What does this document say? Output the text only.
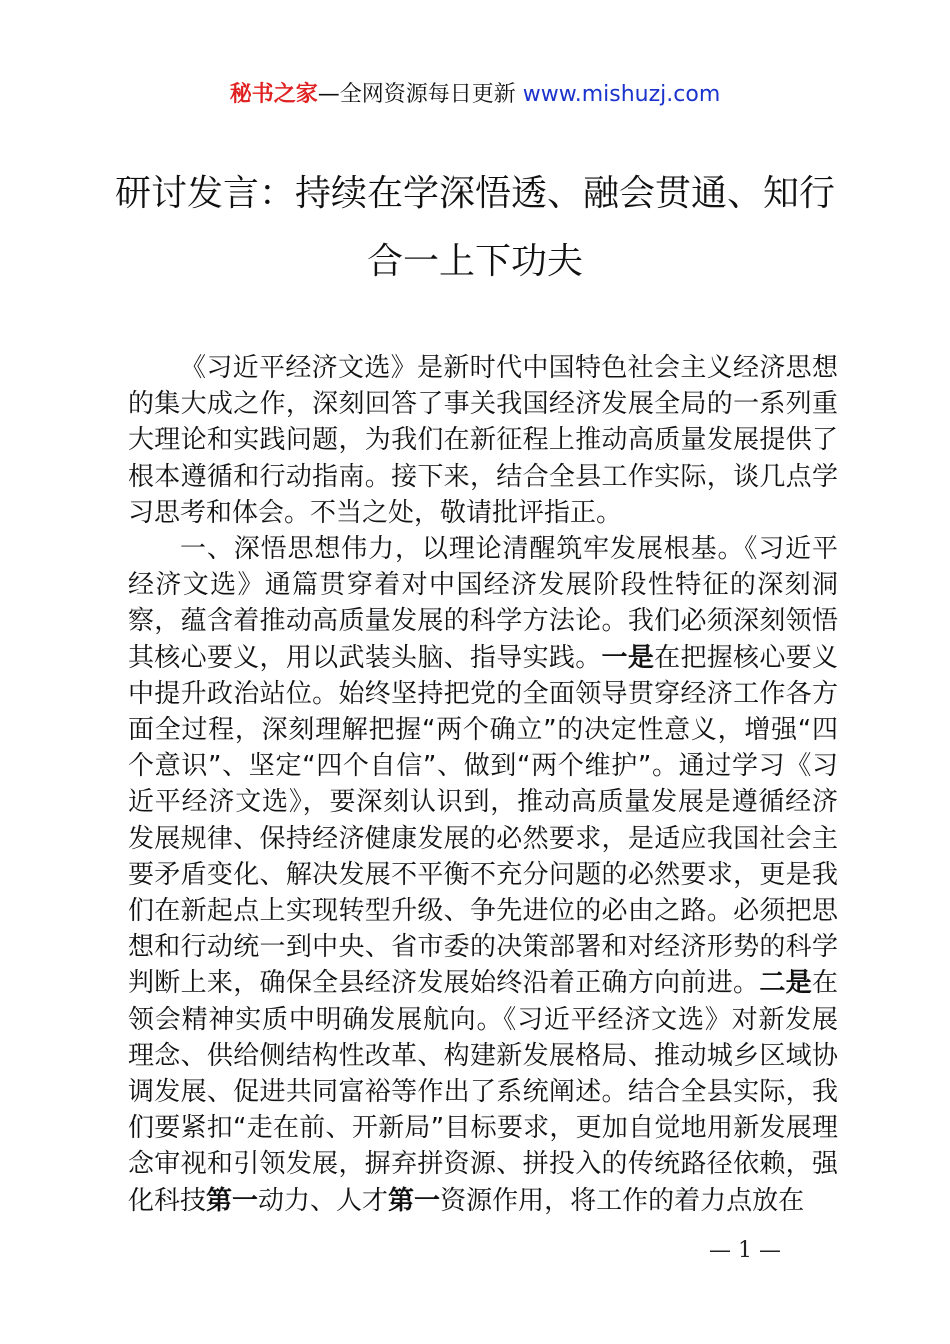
秘书之家—全网资源每日更新 www.mishuzj.com
研讨发言：持续在学深悟透、融会贯通、知行
合一上下功夫

《习近平经济文选》是新时代中国特色社会主义经济思想的集大成之作，深刻回答了事关我国经济发展全局的一系列重大理论和实践问题，为我们在新征程上推动高质量发展提供了根本遵循和行动指南。接下来，结合全县工作实际，谈几点学习思考和体会。不当之处，敬请批评指正。

一、深悟思想伟力，以理论清醒筑牢发展根基。《习近平经济文选》通篇贯穿着对中国经济发展阶段性特征的深刻洞察，蕴含着推动高质量发展的科学方法论。我们必须深刻领悟其核心要义，用以武装头脑、指导实践。一是在把握核心要义中提升政治站位。始终坚持把党的全面领导贯穿经济工作各方面全过程，深刻理解把握“两个确立”的决定性意义，增强“四个意识”、坚定“四个自信”、做到“两个维护”。通过学习《习近平经济文选》，要深刻认识到，推动高质量发展是遵循经济发展规律、保持经济健康发展的必然要求，是适应我国社会主要矛盾变化、解决发展不平衡不充分问题的必然要求，更是我们在新起点上实现转型升级、争先进位的必由之路。必须把思想和行动统一到中央、省市委的决策部署和对经济形势的科学判断上来，确保全县经济发展始终沿着正确方向前进。二是在领会精神实质中明确发展航向。《习近平经济文选》对新发展理念、供给侧结构性改革、构建新发展格局、推动城乡区域协调发展、促进共同富裕等作出了系统阐述。结合全县实际，我们要紧扣“走在前、开新局”目标要求，更加自觉地用新发展理念审视和引领发展，摒弃拼资源、拼投入的传统路径依赖，强化科技第一动力、人才第一资源作用，将工作的着力点放在

— 1 —
